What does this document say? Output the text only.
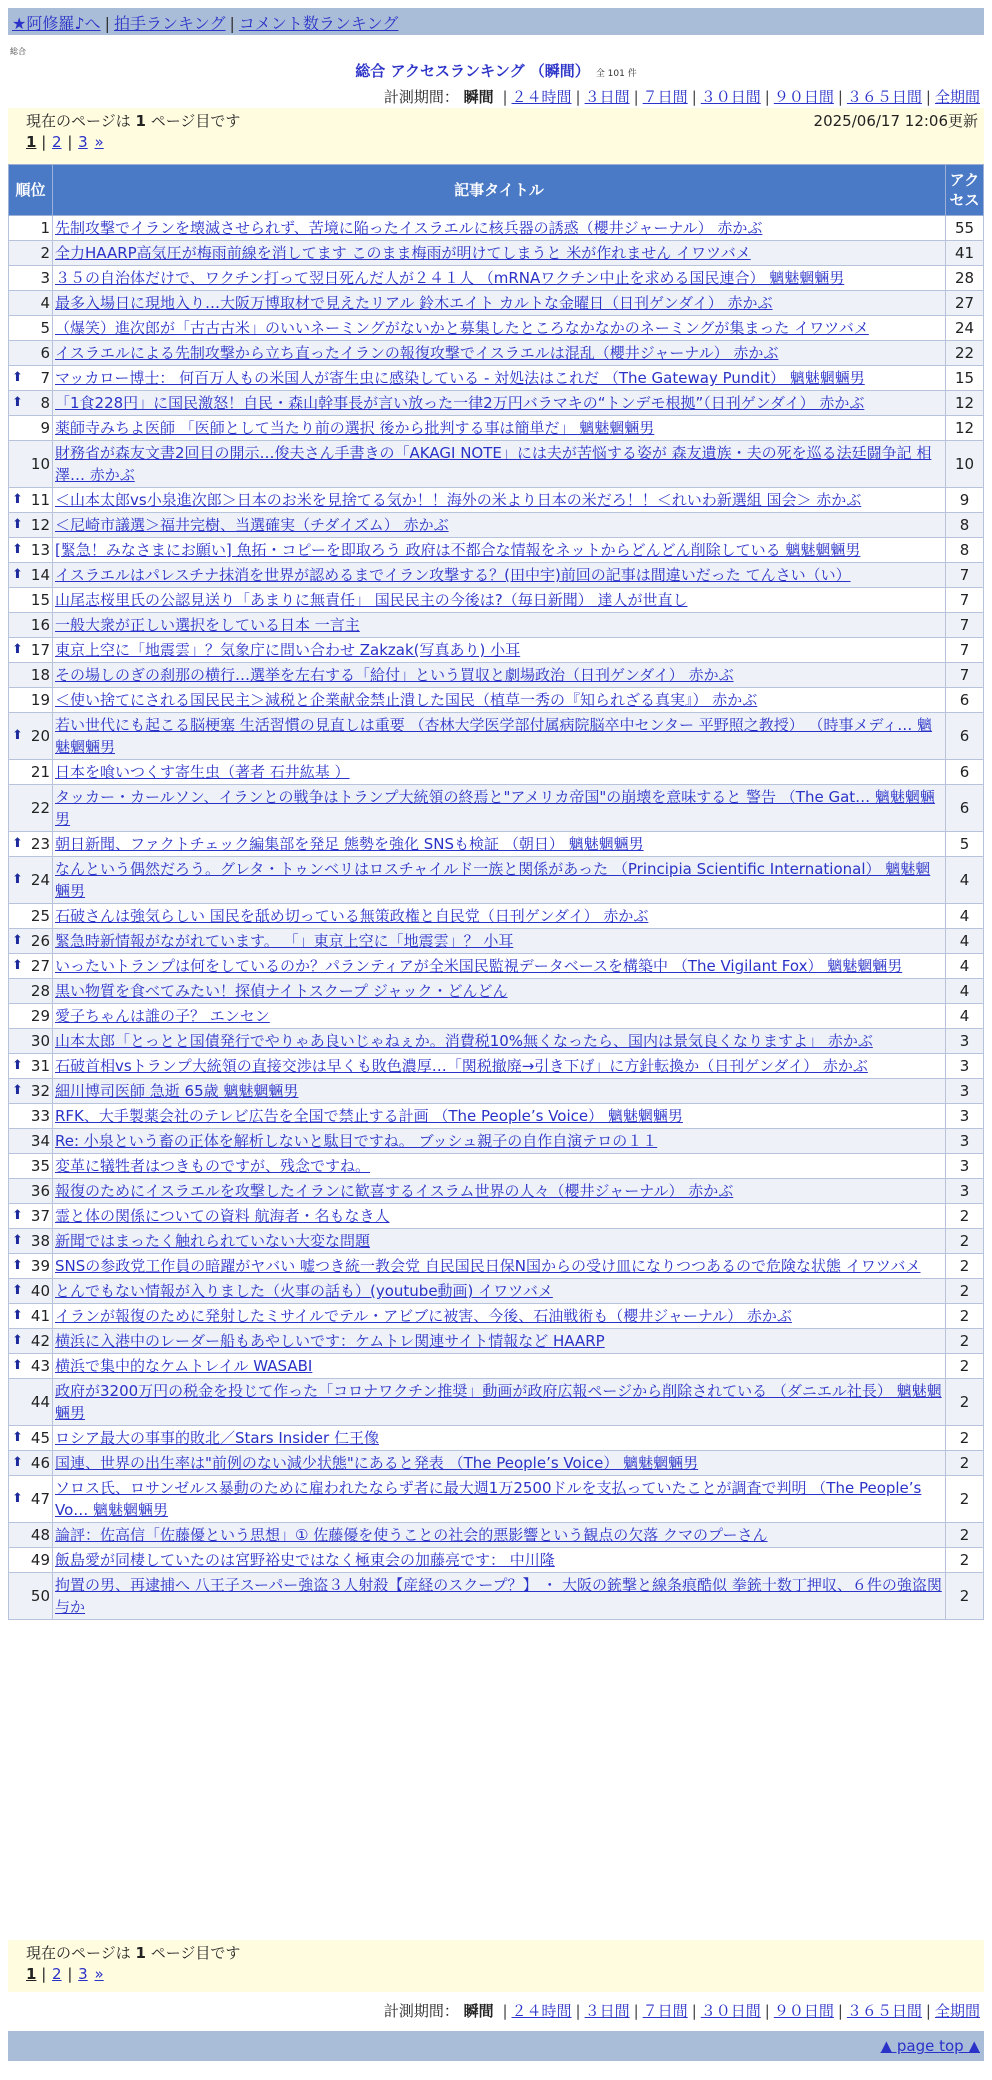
★阿修羅♪へ | 拍手ランキング | コメント数ランキング
総合
総合 アクセスランキング （瞬間） 全 101 件
計測期間： 瞬間 | ２４時間 | ３日間 | ７日間 | ３０日間 | ９０日間 | ３６５日間 | 全期間
現在のページは 1 ページ目です	2025/06/17 12:06更新
1 | 2 | 3 »
順位	記事タイトル	アクセス
1	先制攻撃でイランを壊滅させられず、苦境に陥ったイスラエルに核兵器の誘惑（櫻井ジャーナル） 赤かぶ	55
2	全力HAARP高気圧が梅雨前線を消してます このまま梅雨が明けてしまうと 米が作れません イワツバメ	41
3	３５の自治体だけで、ワクチン打って翌日死んだ人が２４１人 （mRNAワクチン中止を求める国民連合） 魑魅魍魎男	28
4	最多入場日に現地入り…大阪万博取材で見えたリアル 鈴木エイト カルトな金曜日（日刊ゲンダイ） 赤かぶ	27
5	（爆笑）進次郎が「古古古米」のいいネーミングがないかと募集したところなかなかのネーミングが集まった イワツバメ	24
6	イスラエルによる先制攻撃から立ち直ったイランの報復攻撃でイスラエルは混乱（櫻井ジャーナル） 赤かぶ	22

⬆ 7	マッカロー博士： 何百万人もの米国人が寄生虫に感染している - 対処法はこれだ （The Gateway Pundit） 魑魅魍魎男	15

⬆ 8	「1食228円」に国民激怒！自民・森山幹事長が言い放った一律2万円バラマキの“トンデモ根拠”（日刊ゲンダイ） 赤かぶ	12
9	薬師寺みちよ医師 「医師として当たり前の選択 後から批判する事は簡単だ」 魑魅魍魎男	12
10	財務省が森友文書2回目の開示…俊夫さん手書きの「AKAGI NOTE」には夫が苦悩する姿が 森友遺族・夫の死を巡る法廷闘争記 相澤… 赤かぶ	10

⬆ 11	＜山本太郎vs小泉進次郎＞日本のお米を見捨てる気か！！海外の米より日本の米だろ！！＜れいわ新選組 国会＞ 赤かぶ	9

⬆ 12	＜尼崎市議選＞福井完樹、当選確実（チダイズム） 赤かぶ	8

⬆ 13	[緊急！みなさまにお願い] 魚拓・コピーを即取ろう 政府は不都合な情報をネットからどんどん削除している 魑魅魍魎男	8

⬆ 14	イスラエルはパレスチナ抹消を世界が認めるまでイラン攻撃する？(田中宇)前回の記事は間違いだった てんさい（い）	7
15	山尾志桜里氏の公認見送り「あまりに無責任」 国民民主の今後は?（毎日新聞） 達人が世直し	7
16	一般大衆が正しい選択をしている日本 一言主	7

⬆ 17	東京上空に「地震雲」？気象庁に問い合わせ Zakzak(写真あり) 小耳	7
18	その場しのぎの刹那の横行…選挙を左右する「給付」という買収と劇場政治（日刊ゲンダイ） 赤かぶ	7
19	＜使い捨てにされる国民民主＞減税と企業献金禁止潰した国民（植草一秀の『知られざる真実』） 赤かぶ	6

⬆ 20	若い世代にも起こる脳梗塞 生活習慣の見直しは重要 （杏林大学医学部付属病院脳卒中センター 平野照之教授） （時事メディ… 魑魅魍魎男	6
21	日本を喰いつくす寄生虫（著者 石井紘基 ）	6
22	タッカー・カールソン、イランとの戦争はトランプ大統領の終焉と"アメリカ帝国"の崩壊を意味すると 警告 （The Gat… 魑魅魍魎男	6

⬆ 23	朝日新聞、ファクトチェック編集部を発足 態勢を強化 SNSも検証 （朝日） 魑魅魍魎男	5

⬆ 24	なんという偶然だろう。グレタ・トゥンベリはロスチャイルド一族と関係があった （Principia Scientific International） 魑魅魍魎男	4
25	石破さんは強気らしい 国民を舐め切っている無策政権と自民党（日刊ゲンダイ） 赤かぶ	4

⬆ 26	緊急時新情報がながれています。 「」東京上空に「地震雲」？ 小耳	4

⬆ 27	いったいトランプは何をしているのか？パランティアが全米国民監視データベースを構築中 （The Vigilant Fox） 魑魅魍魎男	4
28	黒い物質を食べてみたい！探偵ナイトスクープ ジャック・どんどん	4
29	愛子ちゃんは誰の子？ エンセン	4
30	山本太郎「とっとと国債発行でやりゃあ良いじゃねぇか。消費税10%無くなったら、国内は景気良くなりますよ」 赤かぶ	3

⬆ 31	石破首相vsトランプ大統領の直接交渉は早くも敗色濃厚…「関税撤廃→引き下げ」に方針転換か（日刊ゲンダイ） 赤かぶ	3

⬆ 32	細川博司医師 急逝 65歳 魑魅魍魎男	3
33	RFK、大手製薬会社のテレビ広告を全国で禁止する計画 （The People’s Voice） 魑魅魍魎男	3
34	Re: 小泉という畜の正体を解析しないと駄目ですね。 ブッシュ親子の自作自演テロの１１	3
35	変革に犠牲者はつきものですが、残念ですね。	3
36	報復のためにイスラエルを攻撃したイランに歓喜するイスラム世界の人々（櫻井ジャーナル） 赤かぶ	3

⬆ 37	霊と体の関係についての資料 航海者・名もなき人	2

⬆ 38	新聞ではまったく触れられていない大変な問題	2

⬆ 39	SNSの参政党工作員の暗躍がヤバい 嘘つき統一教会党 自民国民日保N国からの受け皿になりつつあるので危険な状態 イワツバメ	2

⬆ 40	とんでもない情報が入りました（火事の話も）(youtube動画) イワツバメ	2

⬆ 41	イランが報復のために発射したミサイルでテル・アビブに被害、今後、石油戦術も（櫻井ジャーナル） 赤かぶ	2

⬆ 42	横浜に入港中のレーダー船もあやしいです：ケムトレ関連サイト情報など HAARP	2

⬆ 43	横浜で集中的なケムトレイル WASABI	2
44	政府が3200万円の税金を投じて作った「コロナワクチン推奨」動画が政府広報ページから削除されている （ダニエル社長） 魑魅魍魎男	2

⬆ 45	ロシア最大の事事的敗北／Stars Insider 仁王像	2

⬆ 46	国連、世界の出生率は"前例のない減少状態"にあると発表 （The People’s Voice） 魑魅魍魎男	2

⬆ 47	ソロス氏、ロサンゼルス暴動のために雇われたならず者に最大週1万2500ドルを支払っていたことが調査で判明 （The People’s Vo… 魑魅魍魎男	2
48	論評：佐高信「佐藤優という思想」① 佐藤優を使うことの社会的悪影響という観点の欠落 クマのプーさん	2
49	飯島愛が同棲していたのは宮野裕史ではなく極東会の加藤亮です： 中川隆	2
50	拘置の男、再逮捕へ 八王子スーパー強盗３人射殺【産経のスクープ？】 ・ 大阪の銃撃と線条痕酷似 拳銃十数丁押収、６件の強盗関与か	2
現在のページは 1 ページ目です
1 | 2 | 3 »
計測期間： 瞬間 | ２４時間 | ３日間 | ７日間 | ３０日間 | ９０日間 | ３６５日間 | 全期間
▲ page top ▲
